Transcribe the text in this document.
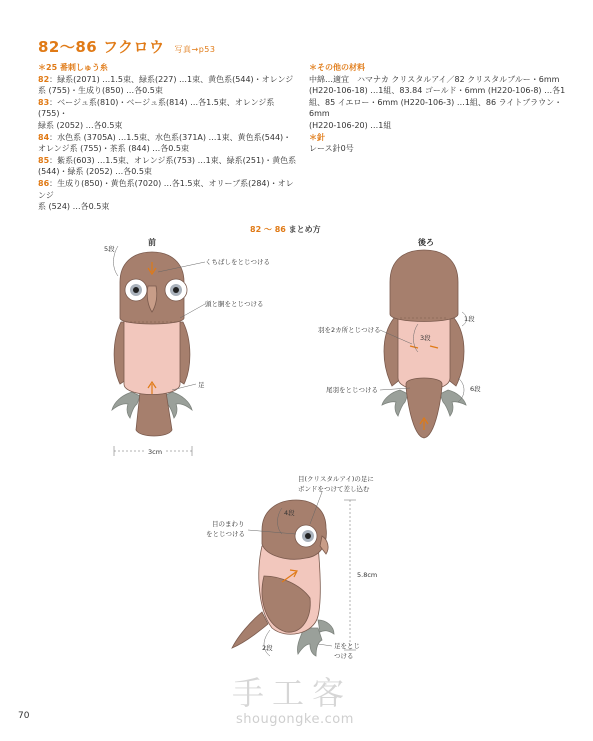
82～86 フクロウ 写真→p53
＊25 番刺しゅう糸
82：緑系(2071) …1.5束、緑系(227) …1束、黄色系(544)・オレンジ
系 (755)・生成り(850) …各0.5束
83：ベージュ系(810)・ベージュ系(814) …各1.5束、オレンジ系(755)・
緑系 (2052) …各0.5束
84：水色系 (3705A) …1.5束、水色系(371A) …1束、黄色系(544)・
オレンジ系 (755)・茶系 (844) …各0.5束
85：紫系(603) …1.5束、オレンジ系(753) …1束、緑系(251)・黄色系
(544)・緑系 (2052) …各0.5束
86：生成り(850)・黄色系(7020) …各1.5束、オリーブ系(284)・オレンジ
系 (524) …各0.5束
＊その他の材料
中綿…適宜　ハマナカ クリスタルアイ／82 クリスタルブルー・6mm
(H220-106-18) …1組、83.84 ゴールド・6mm (H220-106-8) …各1
組、85 イエロー・6mm (H220-106-3) …1組、86 ライトブラウン・6mm
(H220-106-20) …1組
＊針
レース針0号
82 ～ 86 まとめ方
前	後ろ
5段
くちばしをとじつける
頭と胴をとじつける
足
3cm
羽を2カ所とじつける
尾羽をとじつける
1段
3段
6段
目(クリスタルアイ)の足に
ボンドをつけて差し込む
目のまわり
をとじつける
4段
5.8cm
足をとじ
つける
2段
手工客
shougongke.com
70
